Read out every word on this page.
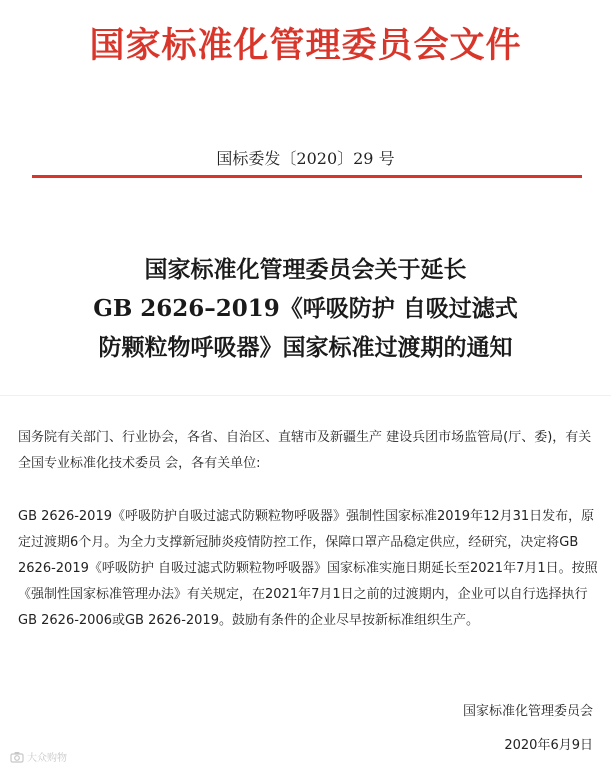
国家标准化管理委员会文件
国标委发〔2020〕29 号
国家标准化管理委员会关于延长
GB 2626–2019《呼吸防护 自吸过滤式
防颗粒物呼吸器》国家标准过渡期的通知
国务院有关部门、行业协会，各省、自治区、直辖市及新疆生产 建设兵团市场监管局(厅、委)，有关全国专业标准化技术委员 会，各有关单位:
GB 2626-2019《呼吸防护自吸过滤式防颗粒物呼吸器》强制性国家标准2019年12月31日发布，原定过渡期6个月。为全力支撑新冠肺炎疫情防控工作，保障口罩产品稳定供应，经研究，决定将GB 2626-2019《呼吸防护 自吸过滤式防颗粒物呼吸器》国家标准实施日期延长至2021年7月1日。按照《强制性国家标准管理办法》有关规定，在2021年7月1日之前的过渡期内，企业可以自行选择执行GB 2626-2006或GB 2626-2019。鼓励有条件的企业尽早按新标准组织生产。
国家标准化管理委员会
2020年6月9日
大众购物
